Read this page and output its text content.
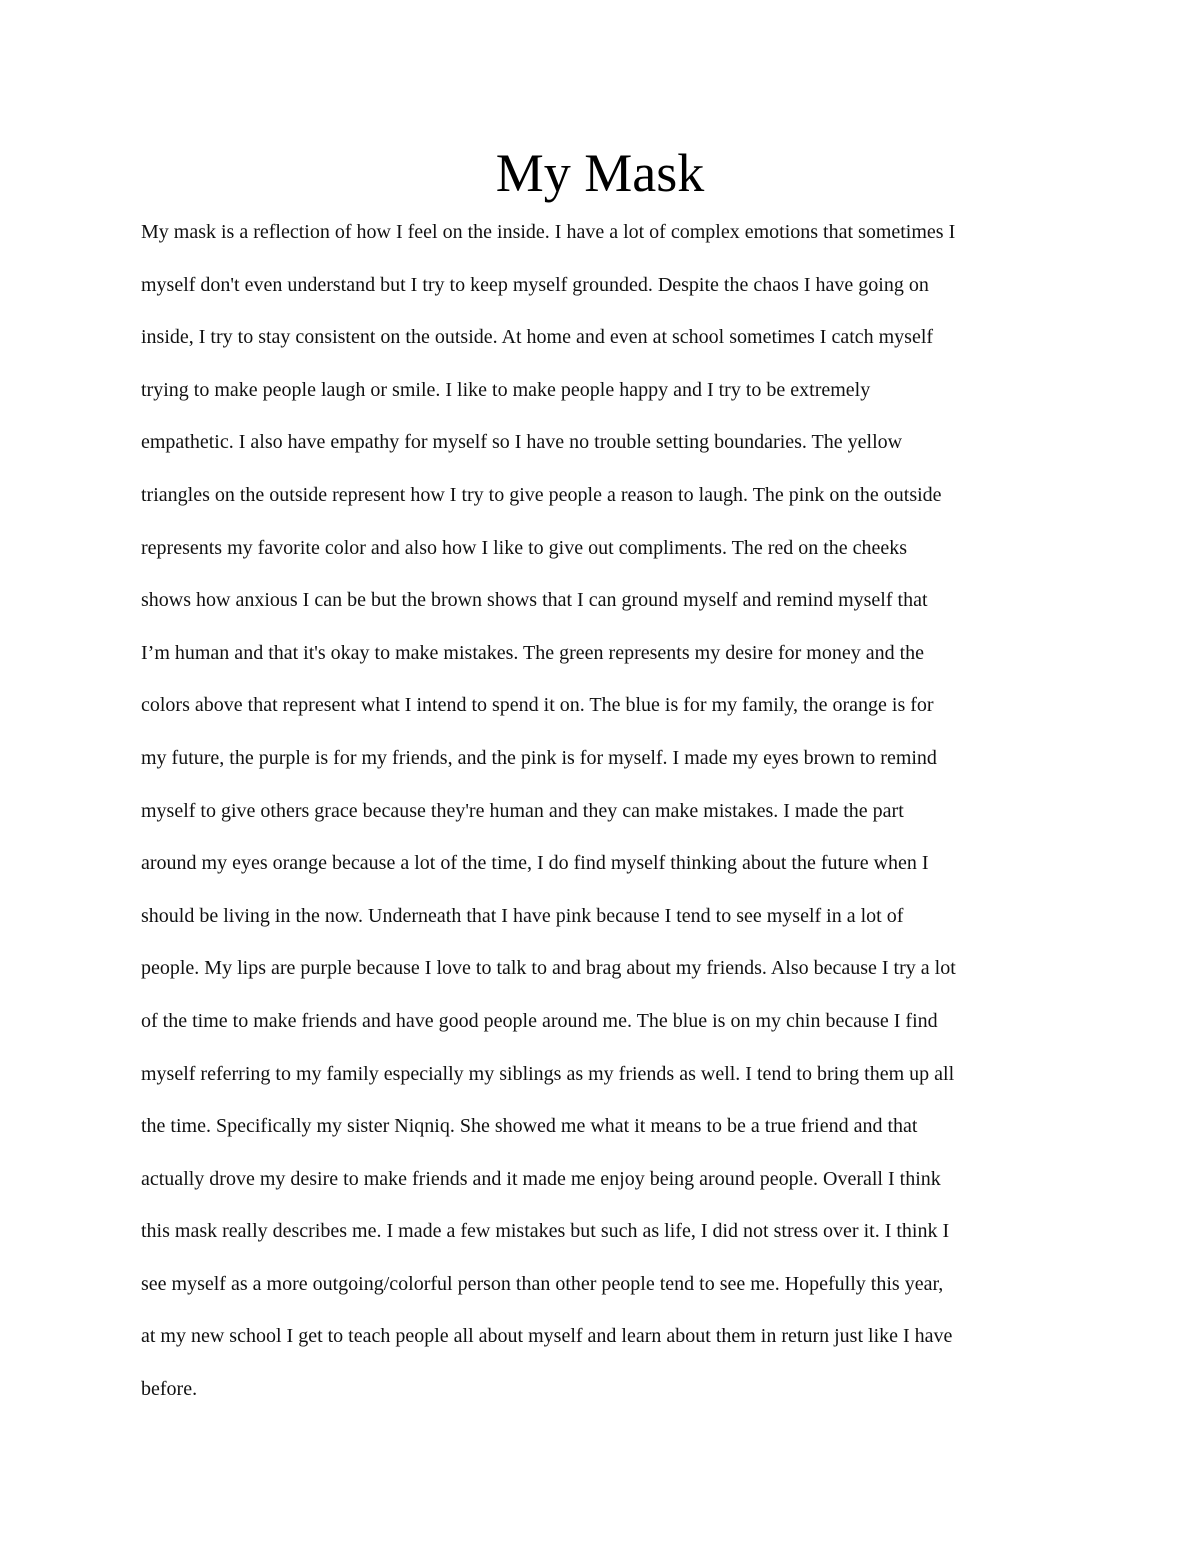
My Mask
My mask is a reflection of how I feel on the inside. I have a lot of complex emotions that sometimes I
myself don't even understand but I try to keep myself grounded. Despite the chaos I have going on
inside, I try to stay consistent on the outside. At home and even at school sometimes I catch myself
trying to make people laugh or smile. I like to make people happy and I try to be extremely
empathetic. I also have empathy for myself so I have no trouble setting boundaries. The yellow
triangles on the outside represent how I try to give people a reason to laugh. The pink on the outside
represents my favorite color and also how I like to give out compliments. The red on the cheeks
shows how anxious I can be but the brown shows that I can ground myself and remind myself that
I’m human and that it's okay to make mistakes. The green represents my desire for money and the
colors above that represent what I intend to spend it on. The blue is for my family, the orange is for
my future, the purple is for my friends, and the pink is for myself. I made my eyes brown to remind
myself to give others grace because they're human and they can make mistakes. I made the part
around my eyes orange because a lot of the time, I do find myself thinking about the future when I
should be living in the now. Underneath that I have pink because I tend to see myself in a lot of
people. My lips are purple because I love to talk to and brag about my friends. Also because I try a lot
of the time to make friends and have good people around me. The blue is on my chin because I find
myself referring to my family especially my siblings as my friends as well. I tend to bring them up all
the time. Specifically my sister Niqniq. She showed me what it means to be a true friend and that
actually drove my desire to make friends and it made me enjoy being around people. Overall I think
this mask really describes me. I made a few mistakes but such as life, I did not stress over it. I think I
see myself as a more outgoing/colorful person than other people tend to see me. Hopefully this year,
at my new school I get to teach people all about myself and learn about them in return just like I have
before.
